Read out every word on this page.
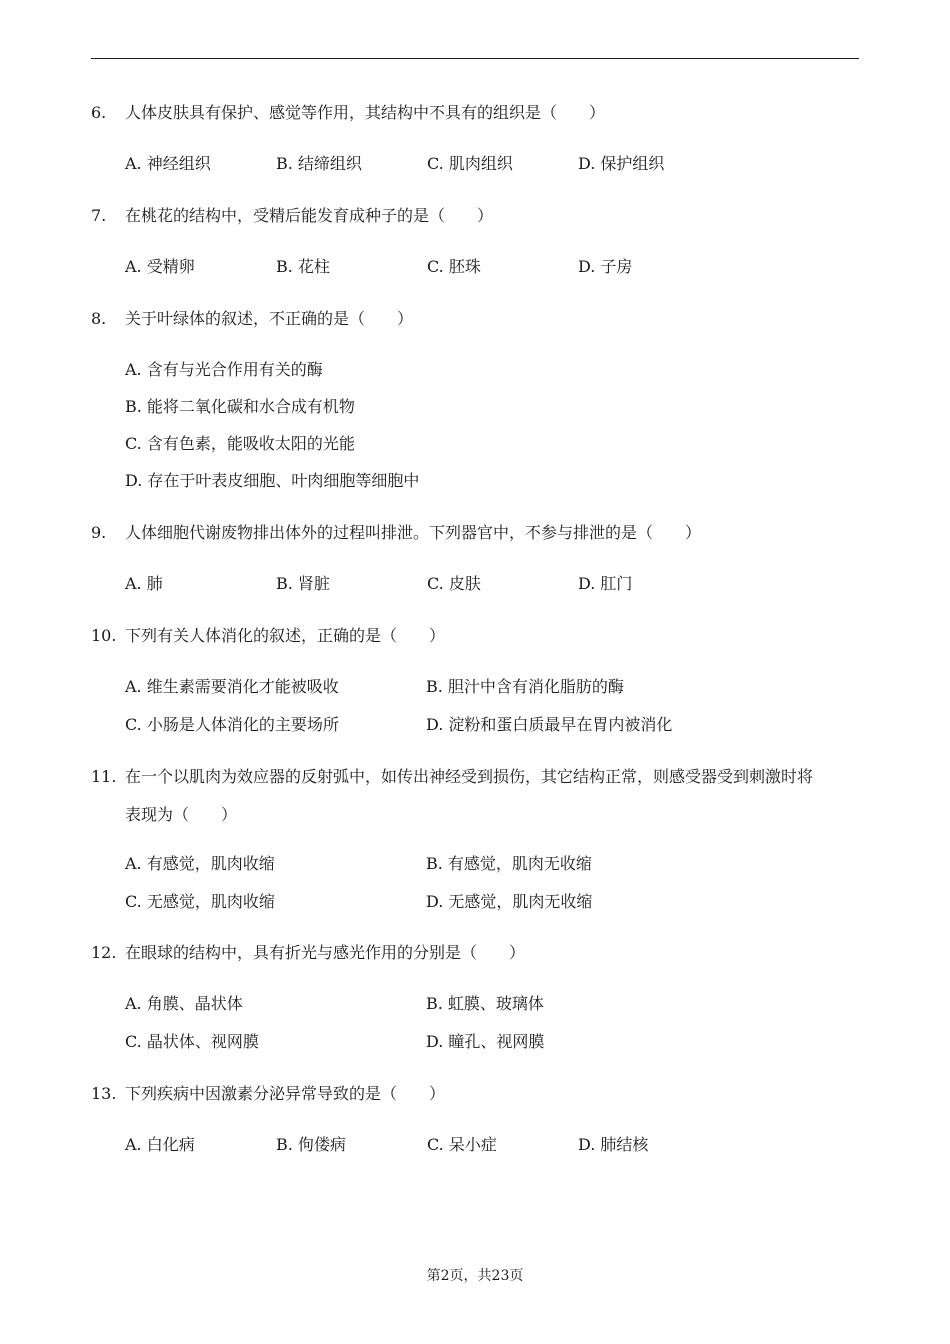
6.	人体皮肤具有保护、感觉等作用，其结构中不具有的组织是（　　）
A. 神经组织	B. 结缔组织	C. 肌肉组织	D. 保护组织
7.	在桃花的结构中，受精后能发育成种子的是（　　）
A. 受精卵	B. 花柱	C. 胚珠	D. 子房
8.	关于叶绿体的叙述，不正确的是（　　）
A. 含有与光合作用有关的酶
B. 能将二氧化碳和水合成有机物
C. 含有色素，能吸收太阳的光能
D. 存在于叶表皮细胞、叶肉细胞等细胞中
9.	人体细胞代谢废物排出体外的过程叫排泄。下列器官中，不参与排泄的是（　　）
A. 肺	B. 肾脏	C. 皮肤	D. 肛门
10. 下列有关人体消化的叙述，正确的是（　　）
A. 维生素需要消化才能被吸收	B. 胆汁中含有消化脂肪的酶
C. 小肠是人体消化的主要场所	D. 淀粉和蛋白质最早在胃内被消化
11. 在一个以肌肉为效应器的反射弧中，如传出神经受到损伤，其它结构正常，则感受器受到刺激时将
表现为（　　）
A. 有感觉，肌肉收缩	B. 有感觉，肌肉无收缩
C. 无感觉，肌肉收缩	D. 无感觉，肌肉无收缩
12. 在眼球的结构中，具有折光与感光作用的分别是（　　）
A. 角膜、晶状体	B. 虹膜、玻璃体
C. 晶状体、视网膜	D. 瞳孔、视网膜
13. 下列疾病中因激素分泌异常导致的是（　　）
A. 白化病	B. 佝偻病	C. 呆小症	D. 肺结核
第2页，共23页
